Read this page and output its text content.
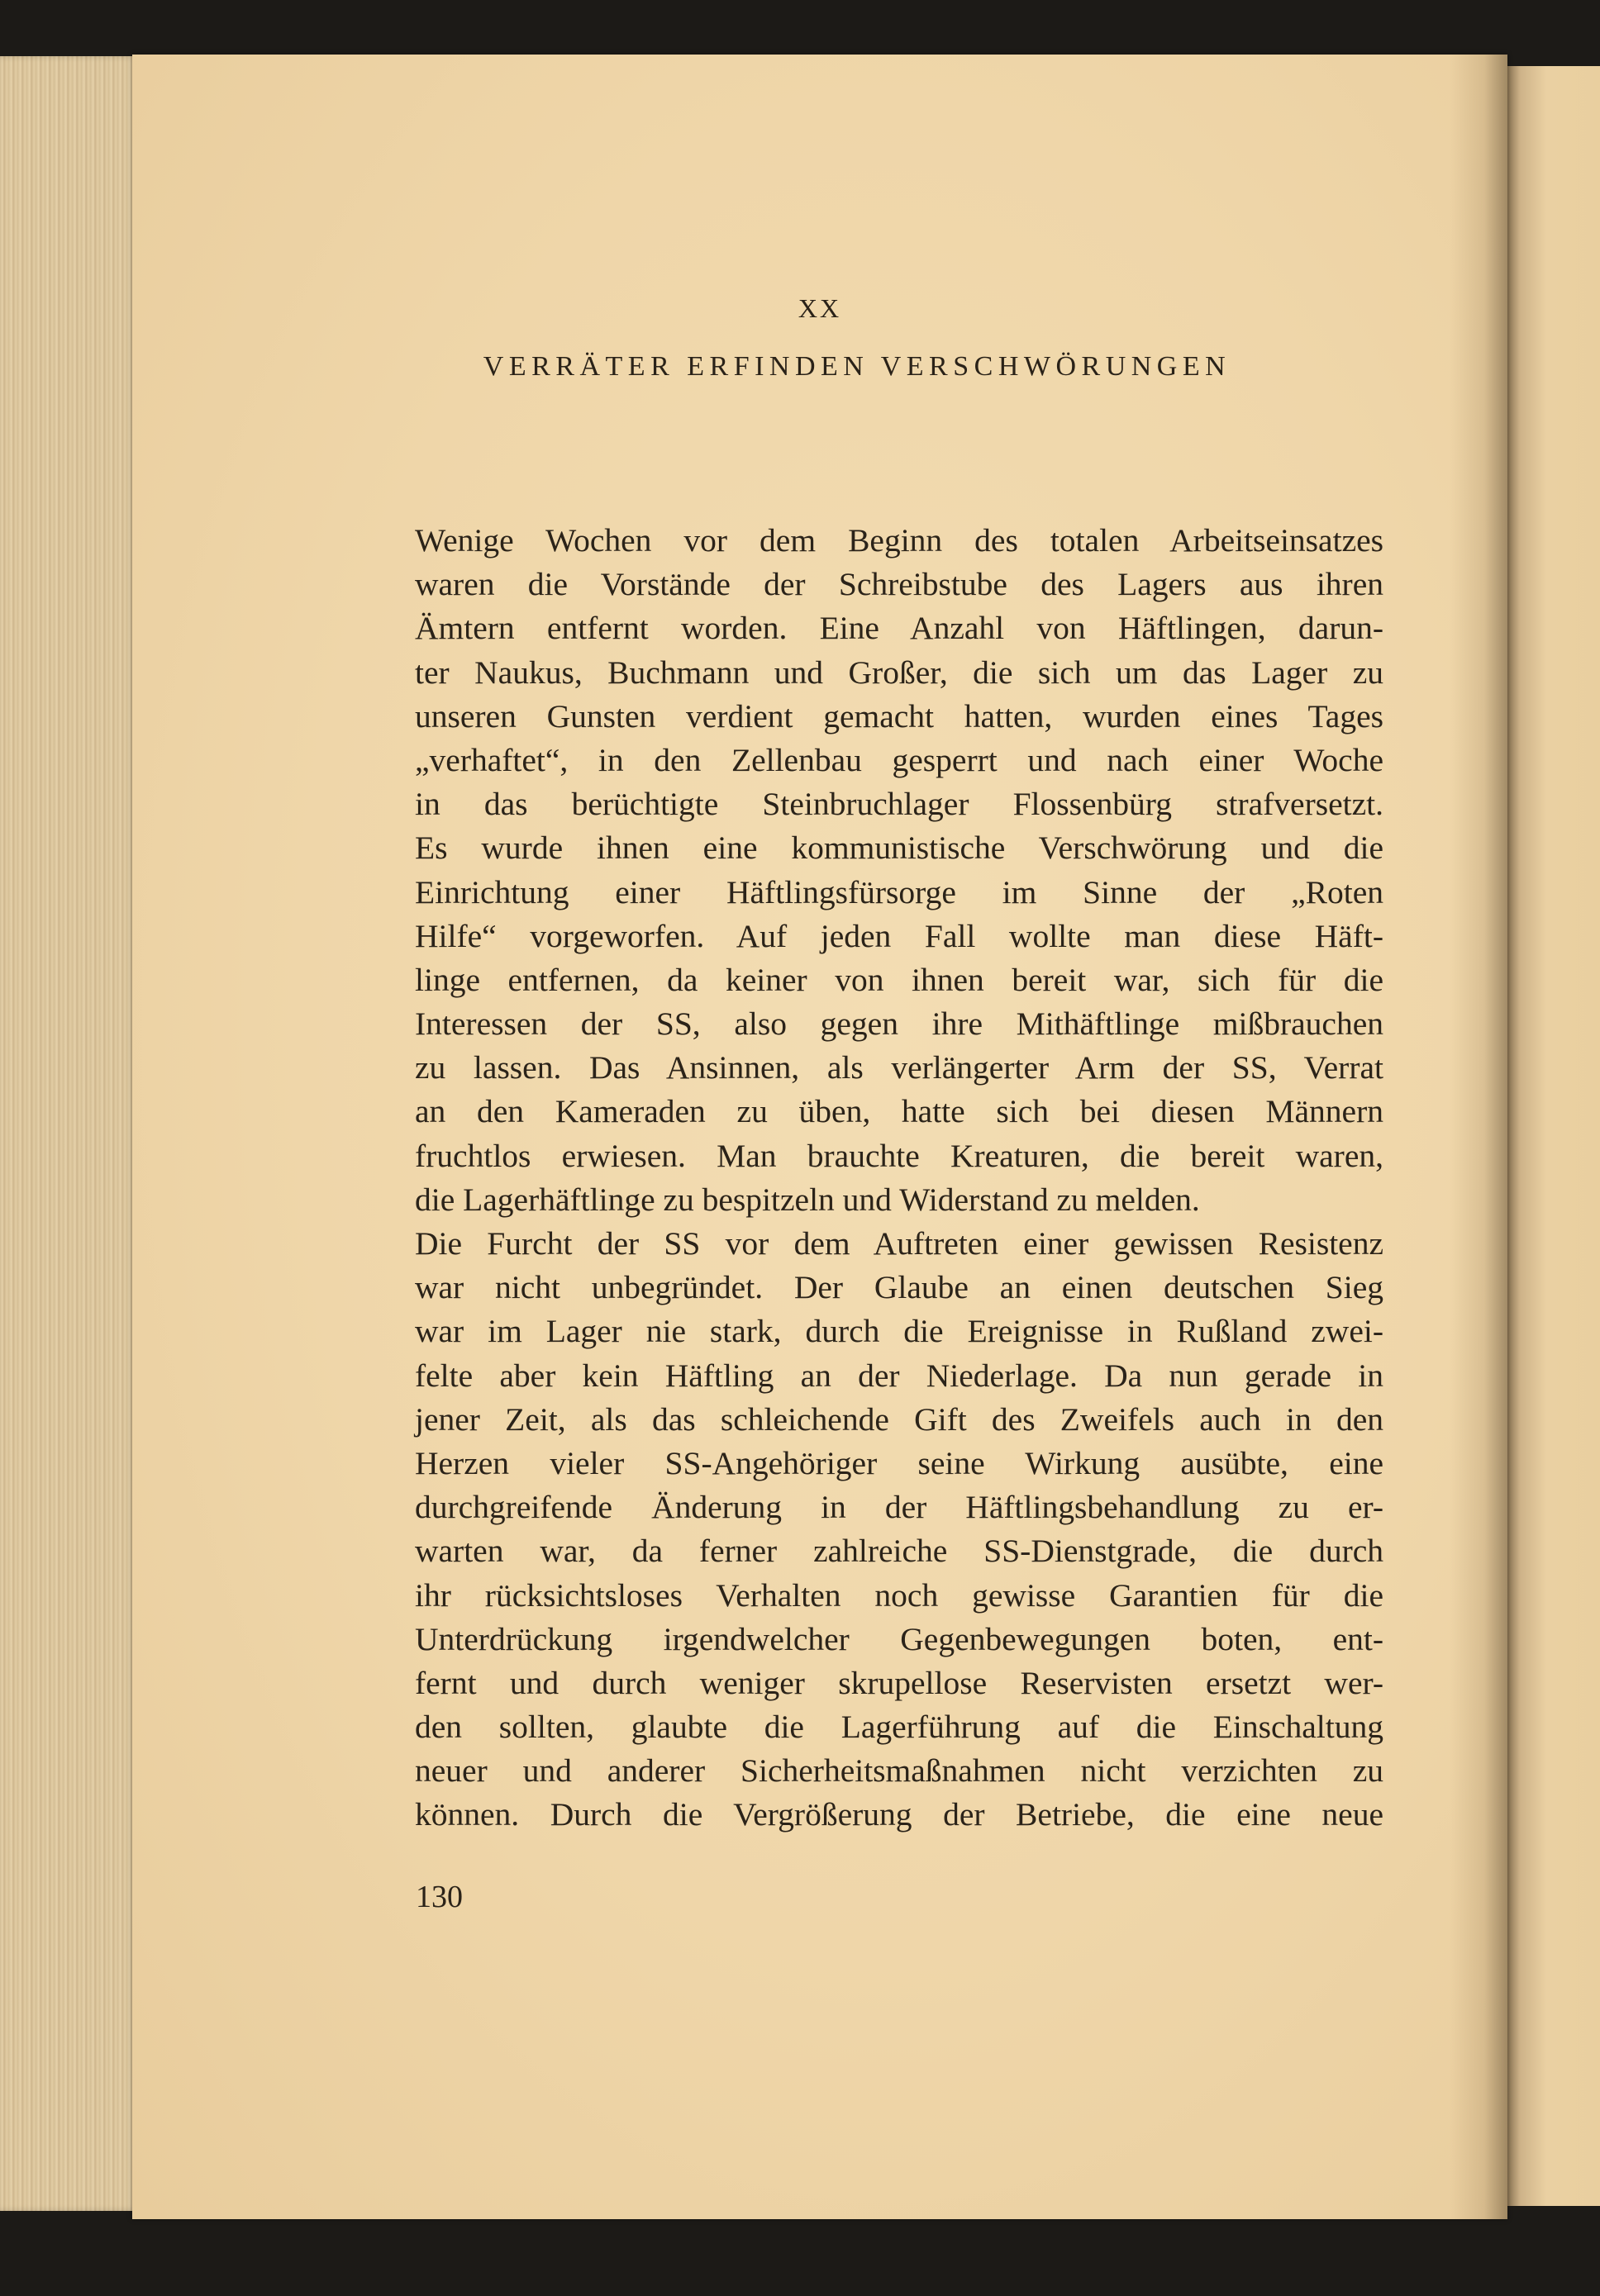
XX
VERRÄTER ERFINDEN VERSCHWÖRUNGEN
Wenige Wochen vor dem Beginn des totalen Arbeitseinsatzes
waren die Vorstände der Schreibstube des Lagers aus ihren
Ämtern entfernt worden. Eine Anzahl von Häftlingen, darun-
ter Naukus, Buchmann und Großer, die sich um das Lager zu
unseren Gunsten verdient gemacht hatten, wurden eines Tages
„verhaftet“, in den Zellenbau gesperrt und nach einer Woche
in das berüchtigte Steinbruchlager Flossenbürg strafversetzt.
Es wurde ihnen eine kommunistische Verschwörung und die
Einrichtung einer Häftlingsfürsorge im Sinne der „Roten
Hilfe“ vorgeworfen. Auf jeden Fall wollte man diese Häft-
linge entfernen, da keiner von ihnen bereit war, sich für die
Interessen der SS, also gegen ihre Mithäftlinge mißbrauchen
zu lassen. Das Ansinnen, als verlängerter Arm der SS, Verrat
an den Kameraden zu üben, hatte sich bei diesen Männern
fruchtlos erwiesen. Man brauchte Kreaturen, die bereit waren,
die Lagerhäftlinge zu bespitzeln und Widerstand zu melden.
Die Furcht der SS vor dem Auftreten einer gewissen Resistenz
war nicht unbegründet. Der Glaube an einen deutschen Sieg
war im Lager nie stark, durch die Ereignisse in Rußland zwei-
felte aber kein Häftling an der Niederlage. Da nun gerade in
jener Zeit, als das schleichende Gift des Zweifels auch in den
Herzen vieler SS-Angehöriger seine Wirkung ausübte, eine
durchgreifende Änderung in der Häftlingsbehandlung zu er-
warten war, da ferner zahlreiche SS-Dienstgrade, die durch
ihr rücksichtsloses Verhalten noch gewisse Garantien für die
Unterdrückung irgendwelcher Gegenbewegungen boten, ent-
fernt und durch weniger skrupellose Reservisten ersetzt wer-
den sollten, glaubte die Lagerführung auf die Einschaltung
neuer und anderer Sicherheitsmaßnahmen nicht verzichten zu
können. Durch die Vergrößerung der Betriebe, die eine neue
130
